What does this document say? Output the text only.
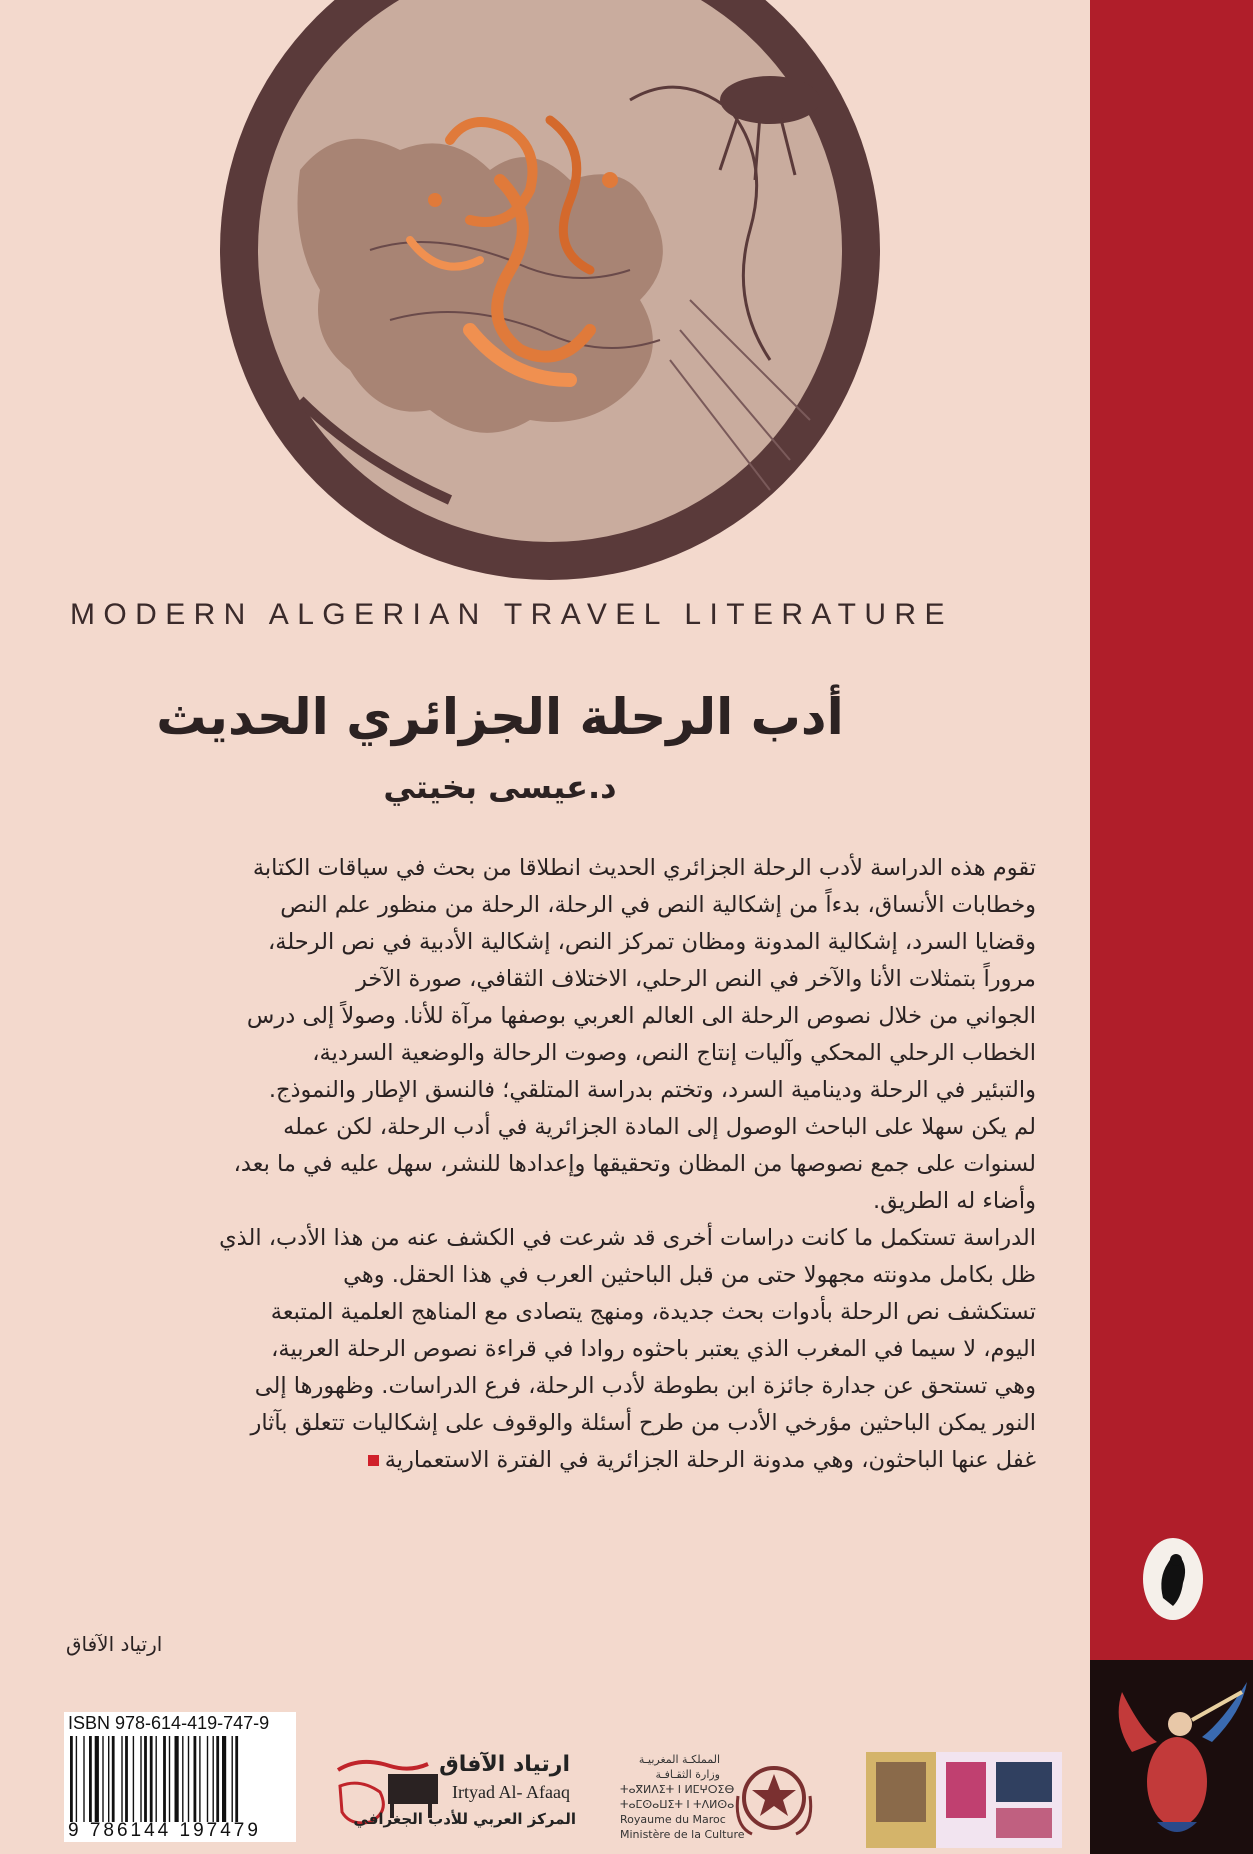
MODERN ALGERIAN TRAVEL LITERATURE
أدب الرحلة الجزائري الحديث
د.عيسى بخيتي
تقوم هذه الدراسة لأدب الرحلة الجزائري الحديث انطلاقا من بحث في سياقات الكتابة
وخطابات الأنساق، بدءاً من إشكالية النص في الرحلة، الرحلة من منظور علم النص
وقضايا السرد، إشكالية المدونة ومظان تمركز النص، إشكالية الأدبية في نص الرحلة،
مروراً بتمثلات الأنا والآخر في النص الرحلي، الاختلاف الثقافي، صورة الآخر
الجواني من خلال نصوص الرحلة الى العالم العربي بوصفها مرآة للأنا. وصولاً إلى درس
الخطاب الرحلي المحكي وآليات إنتاج النص، وصوت الرحالة والوضعية السردية،
والتبئير في الرحلة ودينامية السرد، وتختم بدراسة المتلقي؛ فالنسق الإطار والنموذج.
لم يكن سهلا على الباحث الوصول إلى المادة الجزائرية في أدب الرحلة، لكن عمله
لسنوات على جمع نصوصها من المظان وتحقيقها وإعدادها للنشر، سهل عليه في ما بعد،
وأضاء له الطريق.
الدراسة تستكمل ما كانت دراسات أخرى قد شرعت في الكشف عنه من هذا الأدب، الذي
ظل بكامل مدونته مجهولا حتى من قبل الباحثين العرب في هذا الحقل. وهي
تستكشف نص الرحلة بأدوات بحث جديدة، ومنهج يتصادى مع المناهج العلمية المتبعة
اليوم، لا سيما في المغرب الذي يعتبر باحثوه روادا في قراءة نصوص الرحلة العربية،
وهي تستحق عن جدارة جائزة ابن بطوطة لأدب الرحلة، فرع الدراسات. وظهورها إلى
النور يمكن الباحثين مؤرخي الأدب من طرح أسئلة والوقوف على إشكاليات تتعلق بآثار
غفل عنها الباحثون، وهي مدونة الرحلة الجزائرية في الفترة الاستعمارية
ارتياد الآفاق
ISBN 978-614-419-747-9
9 786144 197479
ارتياد الآفاق
Irtyad Al- Afaaq
المركز العربي للأدب الجغرافي
المملكـة المغربيـة
وزارة الثقـافـة
ⵜⴰⴳⵍⴷⵉⵜ ⵏ ⵍⵎⵖⵔⵉⴱ
ⵜⴰⵎⵙⴰⵡⵉⵜ ⵏ ⵜⴷⵍⵙⴰ
Royaume du Maroc
Ministère de la Culture
